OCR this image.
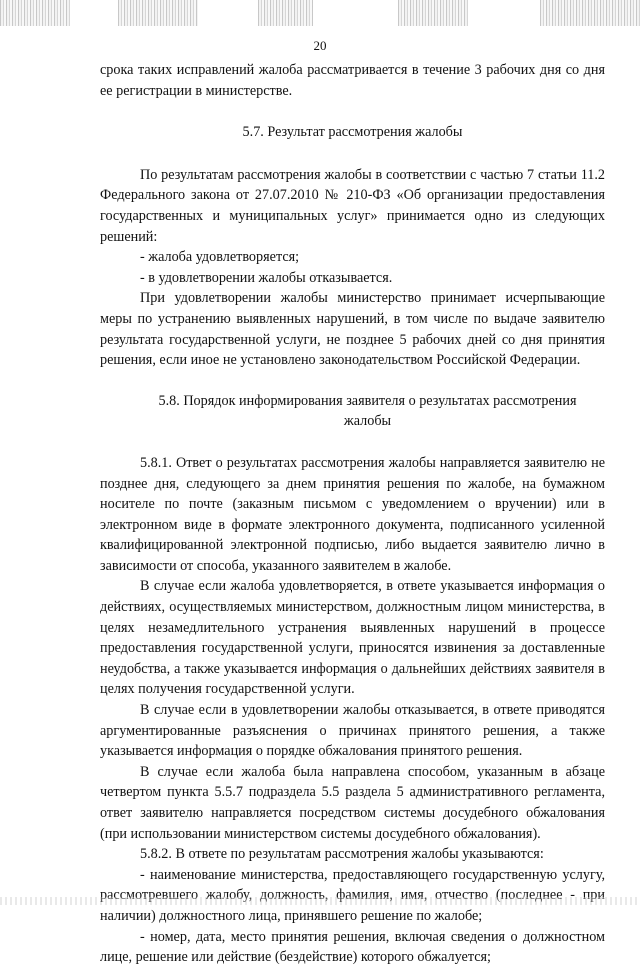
20

срока таких исправлений жалоба рассматривается в течение 3 рабочих дня со дня ее регистрации в министерстве.

5.7. Результат рассмотрения жалобы

По результатам рассмотрения жалобы в соответствии с частью 7 статьи 11.2 Федерального закона от 27.07.2010 № 210-ФЗ «Об организации предоставления государственных и муниципальных услуг» принимается одно из следующих решений:

- жалоба удовлетворяется;

- в удовлетворении жалобы отказывается.

При удовлетворении жалобы министерство принимает исчерпывающие меры по устранению выявленных нарушений, в том числе по выдаче заявителю результата государственной услуги, не позднее 5 рабочих дней со дня принятия решения, если иное не установлено законодательством Российской Федерации.

5.8. Порядок информирования заявителя о результатах рассмотрения жалобы

5.8.1. Ответ о результатах рассмотрения жалобы направляется заявителю не позднее дня, следующего за днем принятия решения по жалобе, на бумажном носителе по почте (заказным письмом с уведомлением о вручении) или в электронном виде в формате электронного документа, подписанного усиленной квалифицированной электронной подписью, либо выдается заявителю лично в зависимости от способа, указанного заявителем в жалобе.

В случае если жалоба удовлетворяется, в ответе указывается информация о действиях, осуществляемых министерством, должностным лицом министерства, в целях незамедлительного устранения выявленных нарушений в процессе предоставления государственной услуги, приносятся извинения за доставленные неудобства, а также указывается информация о дальнейших действиях заявителя в целях получения государственной услуги.

В случае если в удовлетворении жалобы отказывается, в ответе приводятся аргументированные разъяснения о причинах принятого решения, а также указывается информация о порядке обжалования принятого решения.

В случае если жалоба была направлена способом, указанным в абзаце четвертом пункта 5.5.7 подраздела 5.5 раздела 5 административного регламента, ответ заявителю направляется посредством системы досудебного обжалования (при использовании министерством системы досудебного обжалования).

5.8.2. В ответе по результатам рассмотрения жалобы указываются:

- наименование министерства, предоставляющего государственную услугу, рассмотревшего жалобу, должность, фамилия, имя, отчество (последнее - при наличии) должностного лица, принявшего решение по жалобе;

- номер, дата, место принятия решения, включая сведения о должностном лице, решение или действие (бездействие) которого обжалуется;
